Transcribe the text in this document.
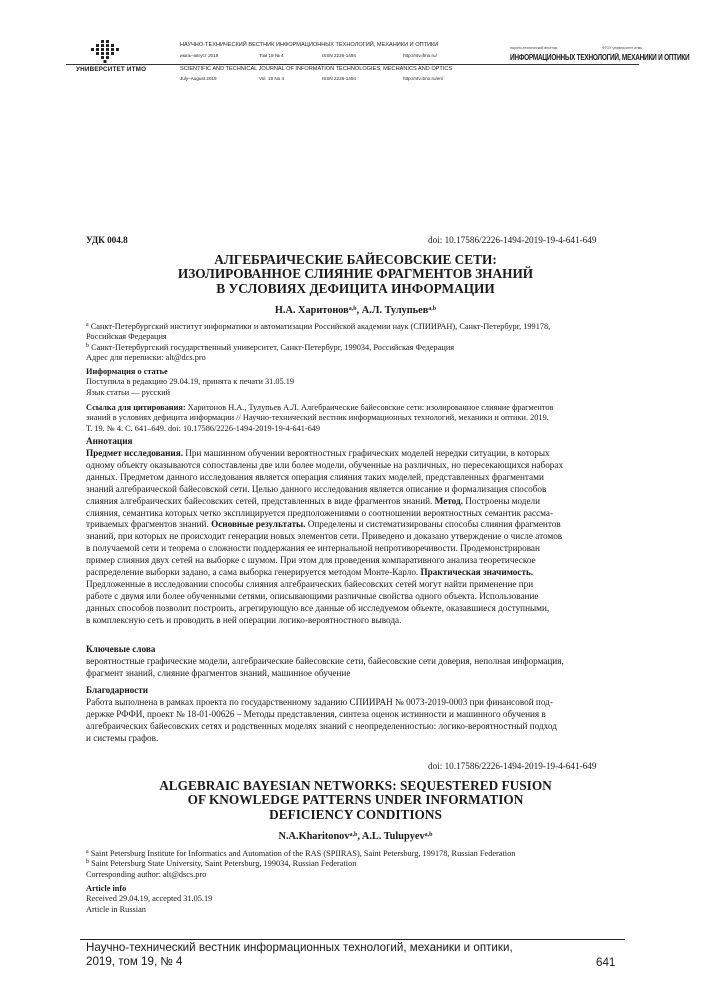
УНИВЕРСИТЕТ ИТМО
НАУЧНО-ТЕХНИЧЕСКИЙ ВЕСТНИК ИНФОРМАЦИОННЫХ ТЕХНОЛОГИЙ, МЕХАНИКИ И ОПТИКИ
июль–август 2019	Том 19 № 4	ISSN 2226-1494	http://ntv.ifmo.ru/
SCIENTIFIC AND TECHNICAL JOURNAL OF INFORMATION TECHNOLOGIES, MECHANICS AND OPTICS
July–August 2019	Vol. 19 No 4	ISSN 2226-1494	http://ntv.itmo.ru/en/
научно-технический вестник	ФГОУ университет итмо
ИНФОРМАЦИОННЫХ ТЕХНОЛОГИЙ, МЕХАНИКИ И ОПТИКИ
УДК 004.8	doi: 10.17586/2226-1494-2019-19-4-641-649
АЛГЕБРАИЧЕСКИЕ БАЙЕСОВСКИЕ СЕТИ:
ИЗОЛИРОВАННОЕ СЛИЯНИЕ ФРАГМЕНТОВ ЗНАНИЙ
В УСЛОВИЯХ ДЕФИЦИТА ИНФОРМАЦИИ
Н.А. Харитонов$^{a,b}$, А.Л. Тулупьев$^{a,b}$
$^a$ Санкт-Петербургский институт информатики и автоматизации Российской академии наук (СПИИРАН), Санкт-Петербург, 199178,
Российская Федерация
$^b$ Санкт-Петербургский государственный университет, Санкт-Петербург, 199034, Российская Федерация
Адрес для переписки: alt@dcs.pro
Информация о статье
Поступила в редакцию 29.04.19, принята к печати 31.05.19
Язык статьи — русский
Ссылка для цитирования: Харитонов Н.А., Тулупьев А.Л. Алгебраические байесовские сети: изолированное слияние фрагментов
знаний в условиях дефицита информации // Научно-технический вестник информационных технологий, механики и оптики. 2019.
Т. 19. № 4. С. 641–649. doi: 10.17586/2226-1494-2019-19-4-641-649
Аннотация
Предмет исследования. При машинном обучении вероятностных графических моделей нередки ситуации, в которых
одному объекту оказываются сопоставлены две или более модели, обученные на различных, но пересекающихся наборах
данных. Предметом данного исследования является операция слияния таких моделей, представленных фрагментами
знаний алгебраической байесовской сети. Целью данного исследования является описание и формализация способов
слияния алгебраических байесовских сетей, представленных в виде фрагментов знаний. Метод. Построены модели
слияния, семантика которых четко эксплицируется предположениями о соотношении вероятностных семантик рассма-
триваемых фрагментов знаний. Основные результаты. Определены и систематизированы способы слияния фрагментов
знаний, при которых не происходит генерации новых элементов сети. Приведено и доказано утверждение о числе атомов
в получаемой сети и теорема о сложности поддержания ее интернальной непротиворечивости. Продемонстрирован
пример слияния двух сетей на выборке с шумом. При этом для проведения компаративного анализа теоретическое
распределение выборки задано, а сама выборка генерируется методом Монте-Карло. Практическая значимость.
Предложенные в исследовании способы слияния алгебраических байесовских сетей могут найти применение при
работе с двумя или более обученными сетями, описывающими различные свойства одного объекта. Использование
данных способов позволит построить, агрегирующую все данные об исследуемом объекте, оказавшиеся доступными,
в комплексную сеть и проводить в ней операции логико-вероятностного вывода.
Ключевые слова
вероятностные графические модели, алгебраические байесовские сети, байесовские сети доверия, неполная информация,
фрагмент знаний, слияние фрагментов знаний, машинное обучение
Благодарности
Работа выполнена в рамках проекта по государственному заданию СПИИРАН № 0073-2019-0003 при финансовой под-
держке РФФИ, проект № 18-01-00626 – Методы представления, синтеза оценок истинности и машинного обучения в
алгебраических байесовских сетях и родственных моделях знаний с неопределенностью: логико-вероятностный подход
и системы графов.
doi: 10.17586/2226-1494-2019-19-4-641-649
ALGEBRAIC BAYESIAN NETWORKS: SEQUESTERED FUSION
OF KNOWLEDGE PATTERNS UNDER INFORMATION
DEFICIENCY CONDITIONS
N.A.Kharitonov$^{a,b}$, A.L. Tulupyev$^{a,b}$
$^a$ Saint Petersburg Institute for Informatics and Automation of the RAS (SPIIRAS), Saint Petersburg, 199178, Russian Federation
$^b$ Saint Petersburg State University, Saint Petersburg, 199034, Russian Federation
Corresponding author: alt@dscs.pro
Article info
Received 29.04.19, accepted 31.05.19
Article in Russian
Научно-технический вестник информационных технологий, механики и оптики,
2019, том 19, № 4	641
